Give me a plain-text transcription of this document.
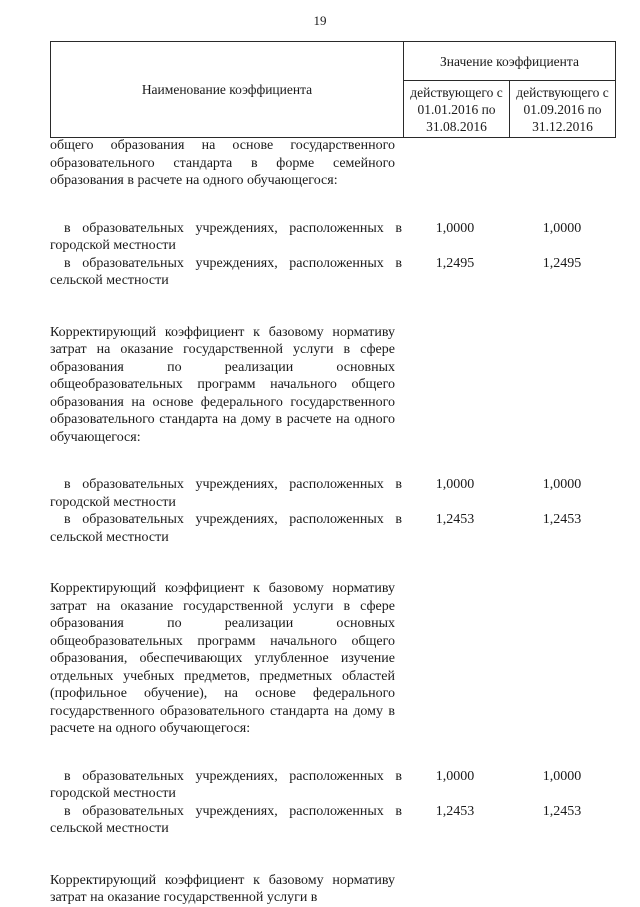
19
Наименование коэффициента	Значение коэффициента	
	действующего с 01.01.2016 по 31.08.2016	действующего с 01.09.2016 по 31.12.2016

общего образования на основе государственного образовательного стандарта в форме семейного образования в расчете на одного обучающегося:

в образовательных учреждениях, расположенных в городской местности

1,0000	1,0000

в образовательных учреждениях, расположенных в сельской местности

1,2495	1,2495

Корректирующий коэффициент к базовому нормативу затрат на оказание государственной услуги в сфере образования по реализации основных общеобразовательных программ начального общего образования на основе федерального государственного образовательного стандарта на дому в расчете на одного обучающегося:

в образовательных учреждениях, расположенных в городской местности

1,0000	1,0000

в образовательных учреждениях, расположенных в сельской местности

1,2453	1,2453

Корректирующий коэффициент к базовому нормативу затрат на оказание государственной услуги в сфере образования по реализации основных общеобразовательных программ начального общего образования, обеспечивающих углубленное изучение отдельных учебных предметов, предметных областей (профильное обучение), на основе федерального государственного образовательного стандарта на дому в расчете на одного обучающегося:

в образовательных учреждениях, расположенных в городской местности

1,0000	1,0000

в образовательных учреждениях, расположенных в сельской местности

1,2453	1,2453

Корректирующий коэффициент к базовому нормативу затрат на оказание государственной услуги в
